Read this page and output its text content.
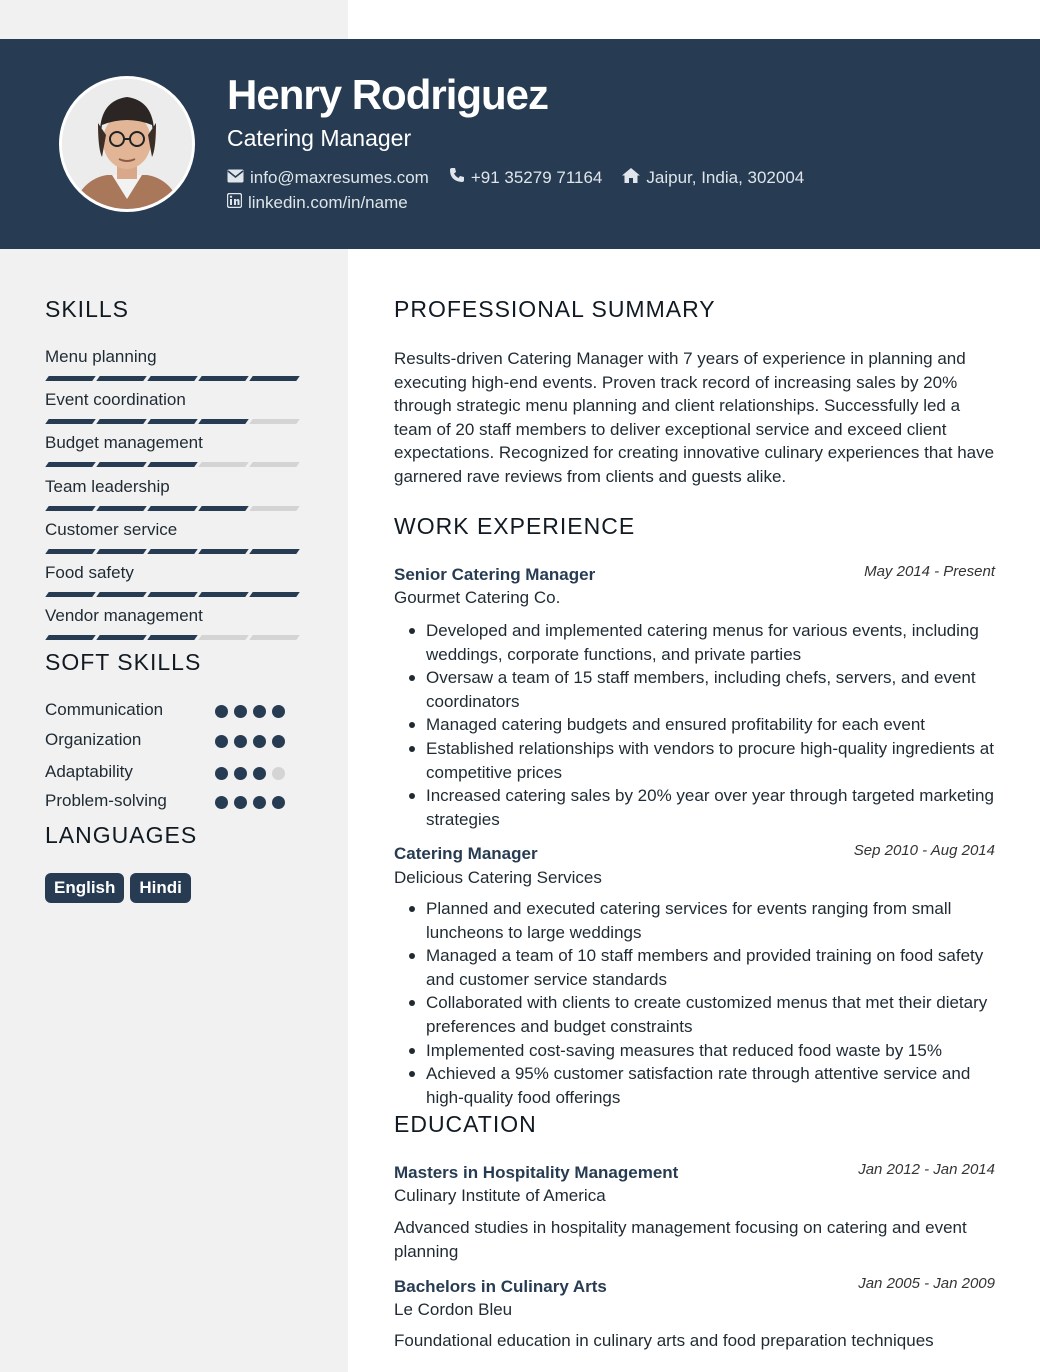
Henry Rodriguez
Catering Manager
info@maxresumes.com +91 35279 71164	Jaipur, India, 302004
linkedin.com/in/name
SKILLS
Menu planning
Event coordination
Budget management
Team leadership
Customer service
Food safety
Vendor management
SOFT SKILLS
Communication
Organization
Adaptability
Problem-solving
LANGUAGES
English	Hindi
PROFESSIONAL SUMMARY
Results-driven Catering Manager with 7 years of experience in planning and executing high-end events. Proven track record of increasing sales by 20% through strategic menu planning and client relationships. Successfully led a team of 20 staff members to deliver exceptional service and exceed client expectations. Recognized for creating innovative culinary experiences that have garnered rave reviews from clients and guests alike.
WORK EXPERIENCE
Senior Catering Manager	May 2014 - Present
Gourmet Catering Co.
Developed and implemented catering menus for various events, including weddings, corporate functions, and private parties
Oversaw a team of 15 staff members, including chefs, servers, and event coordinators
Managed catering budgets and ensured profitability for each event
Established relationships with vendors to procure high-quality ingredients at competitive prices
Increased catering sales by 20% year over year through targeted marketing strategies
Catering Manager	Sep 2010 - Aug 2014
Delicious Catering Services
Planned and executed catering services for events ranging from small luncheons to large weddings
Managed a team of 10 staff members and provided training on food safety and customer service standards
Collaborated with clients to create customized menus that met their dietary preferences and budget constraints
Implemented cost-saving measures that reduced food waste by 15%
Achieved a 95% customer satisfaction rate through attentive service and high-quality food offerings
EDUCATION
Masters in Hospitality Management	Jan 2012 - Jan 2014
Culinary Institute of America
Advanced studies in hospitality management focusing on catering and event planning
Bachelors in Culinary Arts	Jan 2005 - Jan 2009
Le Cordon Bleu
Foundational education in culinary arts and food preparation techniques
